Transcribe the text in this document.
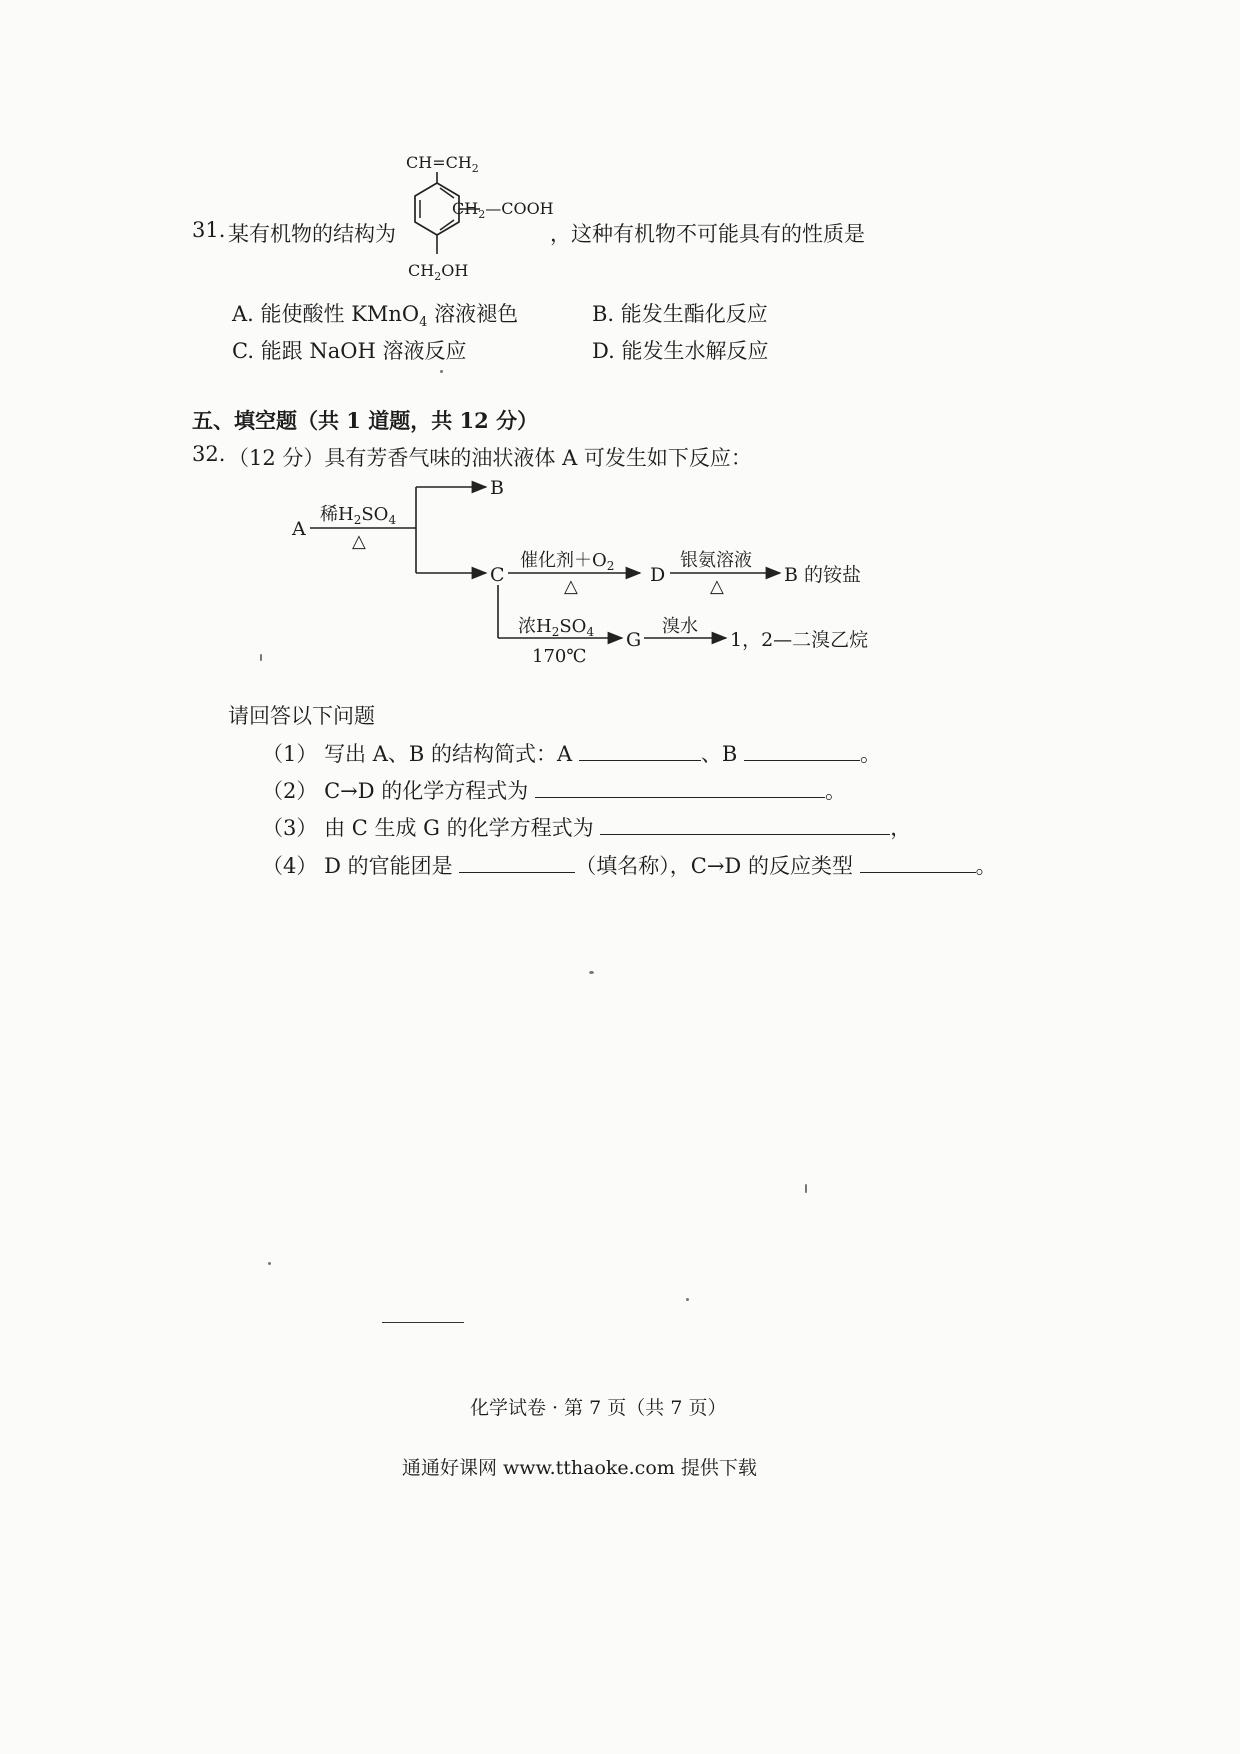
31. 某有机物的结构为
$CH=CH_2$
$CH_2—COOH$
$CH_2OH$
，这种有机物不可能具有的性质是
A. 能使酸性 KMnO$_4$ 溶液褪色	B. 能发生酯化反应
C. 能跟 NaOH 溶液反应	D. 能发生水解反应
五、填空题（共 1 道题，共 12 分）
32. （12 分）具有芳香气味的油状液体 A 可发生如下反应：
A
稀$H_2SO_4$
△
B
C
催化剂$+O_2$
△
D
银氨溶液
△
B 的铵盐
浓$H_2SO_4$
170℃
G
溴水
1，2—二溴乙烷
请回答以下问题
（1） 写出 A、B 的结构简式：A	、B	。
（2） C→D 的化学方程式为	。
（3） 由 C 生成 G 的化学方程式为	，
（4） D 的官能团是	（填名称），C→D 的反应类型	。
化学试卷 · 第 7 页（共 7 页）
通通好课网 www.tthaoke.com 提供下载
